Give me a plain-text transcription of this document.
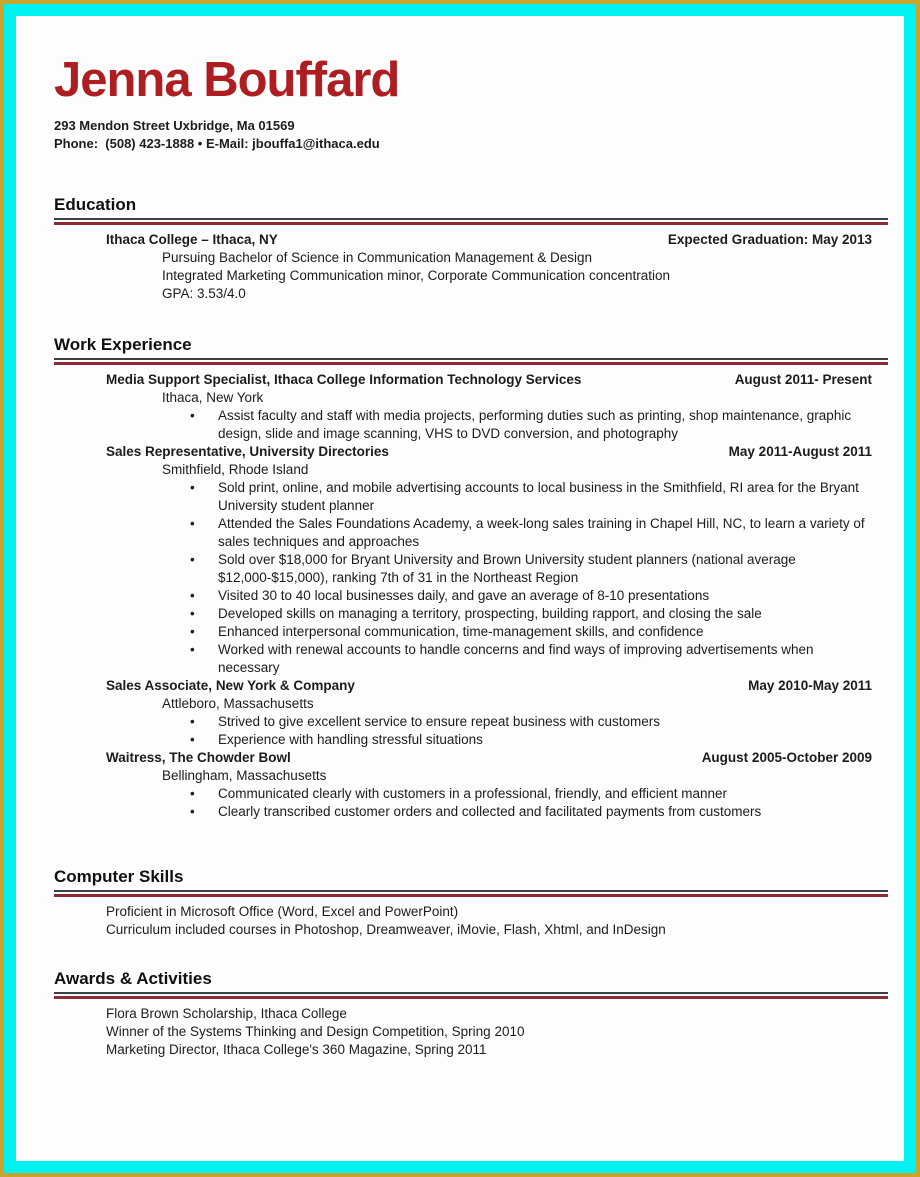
Jenna Bouffard
293 Mendon Street Uxbridge, Ma 01569
Phone:  (508) 423-1888 • E-Mail: jbouffa1@ithaca.edu
Education
Ithaca College – Ithaca, NY	Expected Graduation: May 2013
Pursuing Bachelor of Science in Communication Management & Design
Integrated Marketing Communication minor, Corporate Communication concentration
GPA: 3.53/4.0
Work Experience
Media Support Specialist, Ithaca College Information Technology Services	August 2011- Present
Ithaca, New York
•	Assist faculty and staff with media projects, performing duties such as printing, shop maintenance, graphic design, slide and image scanning, VHS to DVD conversion, and photography
Sales Representative, University Directories	May 2011-August 2011
Smithfield, Rhode Island
•	Sold print, online, and mobile advertising accounts to local business in the Smithfield, RI area for the Bryant University student planner
•	Attended the Sales Foundations Academy, a week-long sales training in Chapel Hill, NC, to learn a variety of sales techniques and approaches
•	Sold over $18,000 for Bryant University and Brown University student planners (national average $12,000-$15,000), ranking 7th of 31 in the Northeast Region
•	Visited 30 to 40 local businesses daily, and gave an average of 8-10 presentations
•	Developed skills on managing a territory, prospecting, building rapport, and closing the sale
•	Enhanced interpersonal communication, time-management skills, and confidence
•	Worked with renewal accounts to handle concerns and find ways of improving advertisements when necessary
Sales Associate, New York & Company	May 2010-May 2011
Attleboro, Massachusetts
•	Strived to give excellent service to ensure repeat business with customers
•	Experience with handling stressful situations
Waitress, The Chowder Bowl	August 2005-October 2009
Bellingham, Massachusetts
•	Communicated clearly with customers in a professional, friendly, and efficient manner
•	Clearly transcribed customer orders and collected and facilitated payments from customers
Computer Skills
Proficient in Microsoft Office (Word, Excel and PowerPoint)
Curriculum included courses in Photoshop, Dreamweaver, iMovie, Flash, Xhtml, and InDesign
Awards & Activities
Flora Brown Scholarship, Ithaca College
Winner of the Systems Thinking and Design Competition, Spring 2010
Marketing Director, Ithaca College's 360 Magazine, Spring 2011
